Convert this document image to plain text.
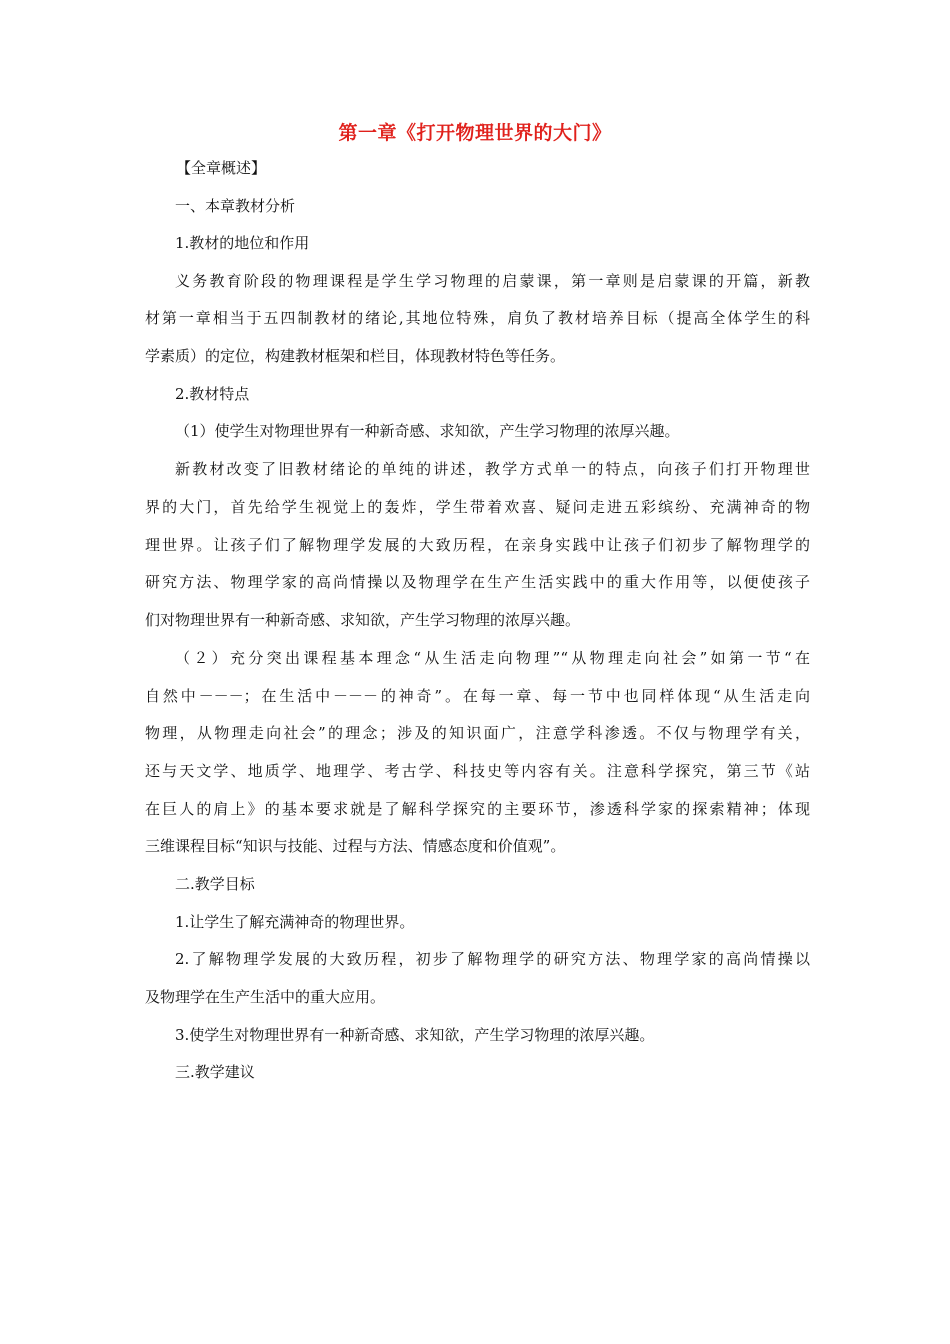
第一章《打开物理世界的大门》
【全章概述】
一、本章教材分析
1.教材的地位和作用
义务教育阶段的物理课程是学生学习物理的启蒙课，第一章则是启蒙课的开篇，新教
材第一章相当于五四制教材的绪论,其地位特殊，肩负了教材培养目标（提高全体学生的科
学素质）的定位，构建教材框架和栏目，体现教材特色等任务。
2.教材特点
（1）使学生对物理世界有一种新奇感、求知欲，产生学习物理的浓厚兴趣。
新教材改变了旧教材绪论的单纯的讲述，教学方式单一的特点，向孩子们打开物理世
界的大门，首先给学生视觉上的轰炸，学生带着欢喜、疑问走进五彩缤纷、充满神奇的物
理世界。让孩子们了解物理学发展的大致历程，在亲身实践中让孩子们初步了解物理学的
研究方法、物理学家的高尚情操以及物理学在生产生活实践中的重大作用等，以便使孩子
们对物理世界有一种新奇感、求知欲，产生学习物理的浓厚兴趣。
（２）充分突出课程基本理念“从生活走向物理”“从物理走向社会”如第一节“在
自然中－－－；在生活中－－－的神奇”。在每一章、每一节中也同样体现“从生活走向
物理，从物理走向社会”的理念；涉及的知识面广，注意学科渗透。不仅与物理学有关，
还与天文学、地质学、地理学、考古学、科技史等内容有关。注意科学探究，第三节《站
在巨人的肩上》的基本要求就是了解科学探究的主要环节，渗透科学家的探索精神；体现
三维课程目标“知识与技能、过程与方法、情感态度和价值观”。
二.教学目标
1.让学生了解充满神奇的物理世界。
2.了解物理学发展的大致历程，初步了解物理学的研究方法、物理学家的高尚情操以
及物理学在生产生活中的重大应用。
3.使学生对物理世界有一种新奇感、求知欲，产生学习物理的浓厚兴趣。
三.教学建议
